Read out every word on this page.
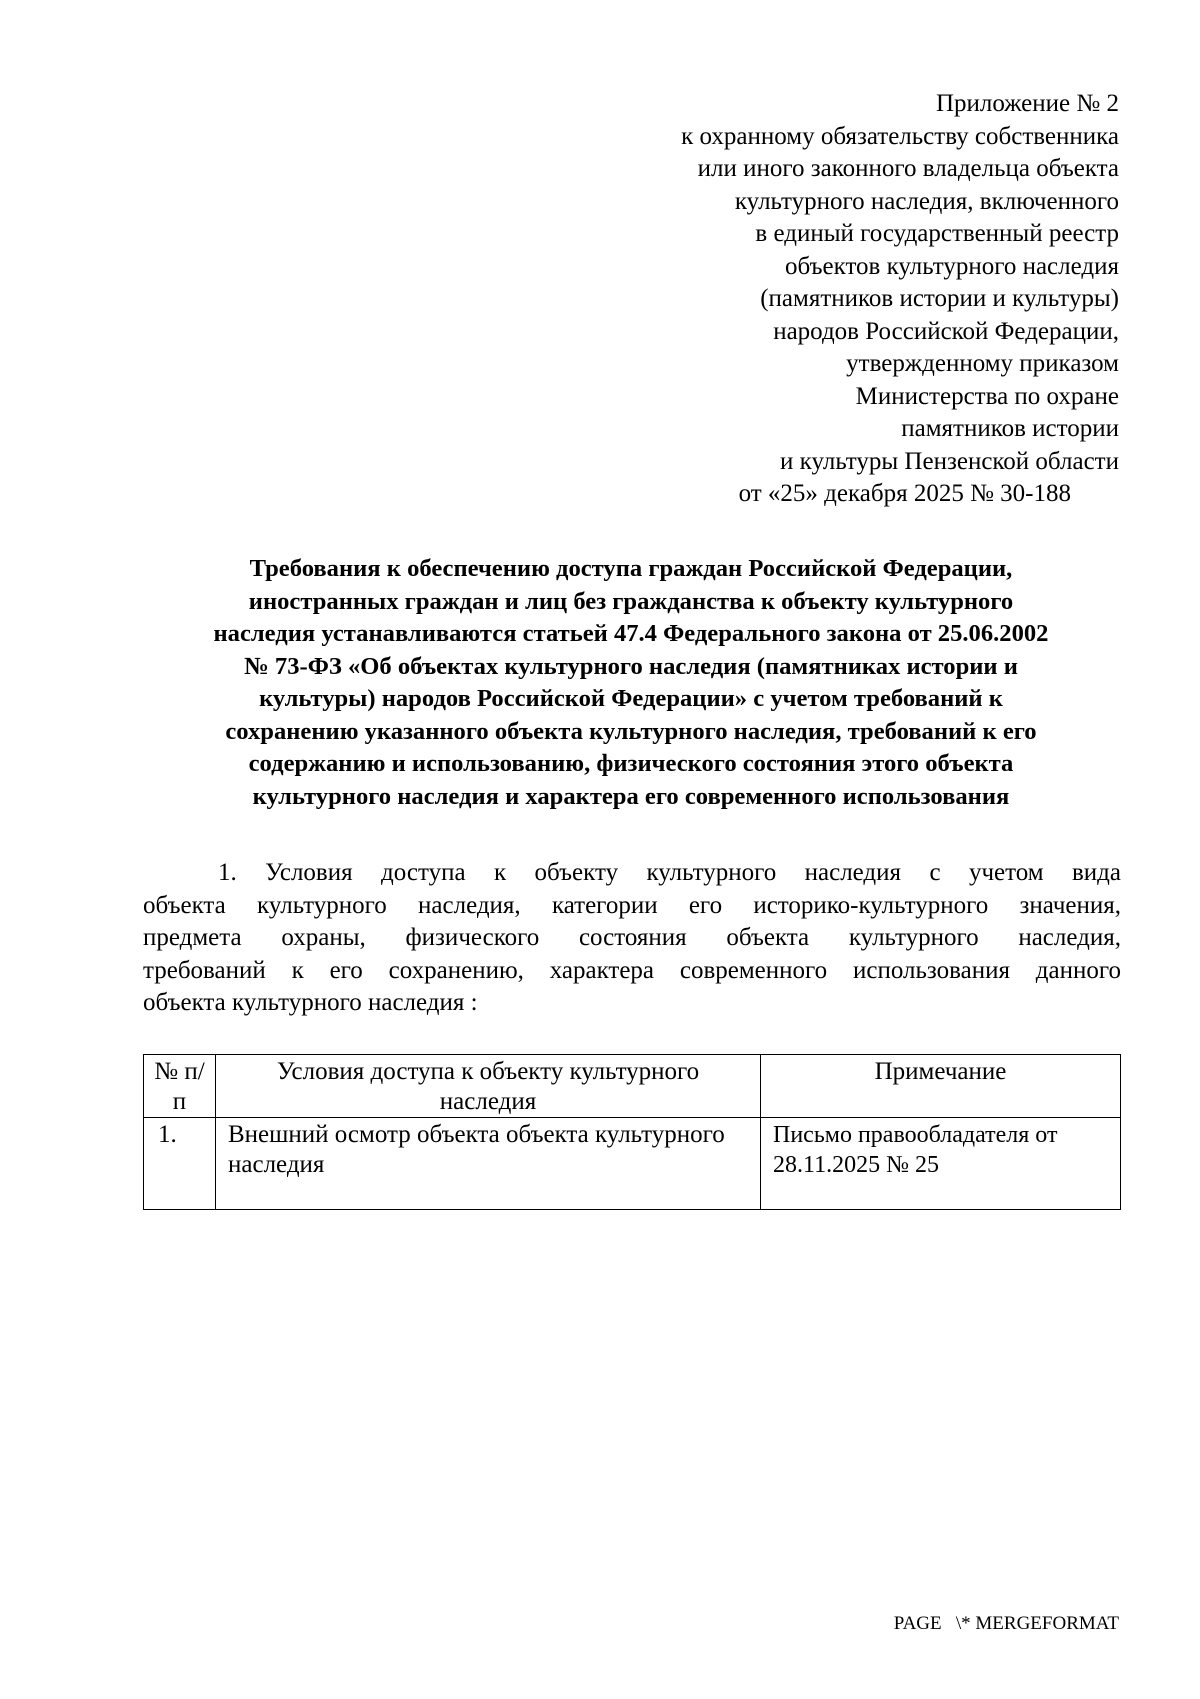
Приложение № 2
к охранному обязательству собственника
или иного законного владельца объекта
культурного наследия, включенного
в единый государственный реестр
объектов культурного наследия
(памятников истории и культуры)
народов Российской Федерации,
утвержденному приказом
Министерства по охране
памятников истории
и культуры Пензенской области
от «25» декабря 2025 № 30-188
Требования к обеспечению доступа граждан Российской Федерации,
иностранных граждан и лиц без гражданства к объекту культурного
наследия устанавливаются статьей 47.4 Федерального закона от 25.06.2002
№ 73-ФЗ «Об объектах культурного наследия (памятниках истории и
культуры) народов Российской Федерации» с учетом требований к
сохранению указанного объекта культурного наследия, требований к его
содержанию и использованию, физического состояния этого объекта
культурного наследия и характера его современного использования
1. Условия доступа к объекту культурного наследия с учетом вида
объекта культурного наследия, категории его историко-культурного значения,
предмета охраны, физического состояния объекта культурного наследия,
требований к его сохранению, характера современного использования данного
объекта культурного наследия :
№ п/п	Условия доступа к объекту культурного наследия	Примечание
1.	Внешний осмотр объекта объекта культурного наследия	Письмо правообладателя от 28.11.2025 № 25
PAGE   \* MERGEFORMAT
